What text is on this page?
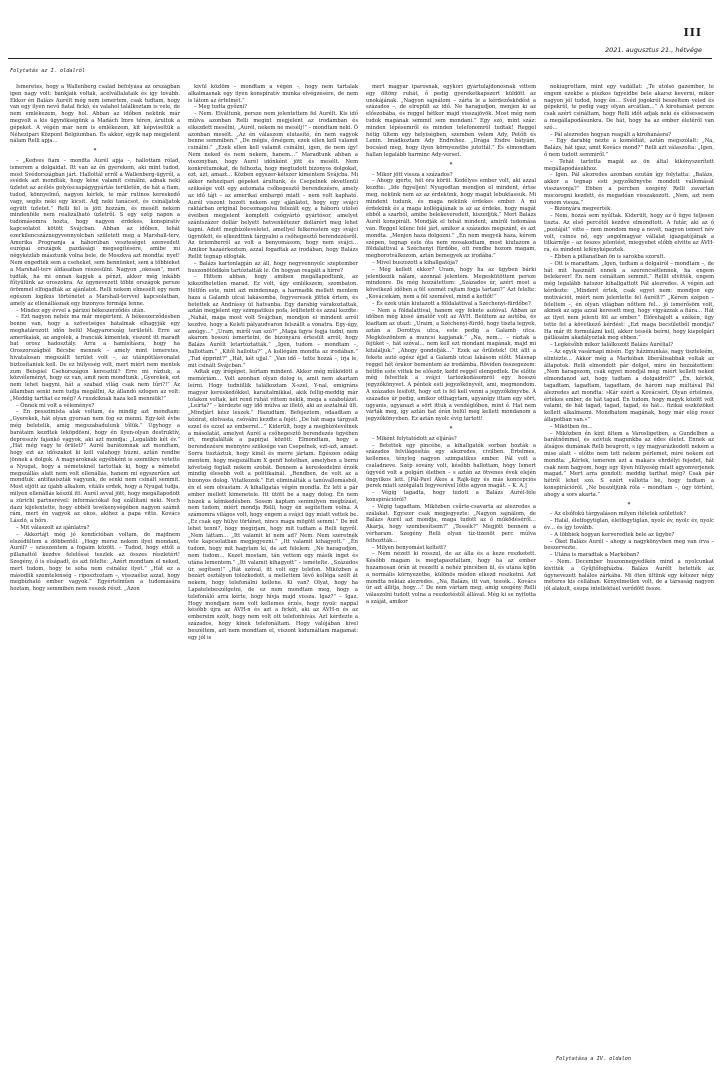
III
2021. augusztus 21., hétvége
Folytatás az I. oldalról

Ismeretes, hogy a Wallenberg család befolyása az országban igen nagy volt: bankjaik voltak, acélvállalataik és így tovább. Ekkor én Balázs Aurélt még nem ismertem, csak tudtam, hogy van egy ilyen nevű fiatal fickó, és valahol találkoztam is vele, de nem emlékezem, hogy hol. Abban az időben nekünk már megvolt a kis ügynökségünk a Madách Imre téren, árultuk a gépeket. A végén már nem is emlékezem, kit képviseltük a Néhezipari Központ Belgiumban. És akkor, egyik nap megjelent nálam Relli apja…

*

– „Kedves fiam – mondta Aurél apja –, hallottam rólad, ismerem a dolgaidat. Itt van az én gyerekem, aki mint tudod, most Svédországban járt. Hallottál erről a Wallenberg-ügyről, a svédek azt mondták, hogy kéne valamit csinálni, adnak neki üzletet az acélés golyóscsapágygyártás területén, de hát a fiam, tudod, könnyelmű, nagyon kérlek, te már rutinos kereskedő vagy, segíts neki egy kicsit. Adj neki tanácsot, és csináljatok együtt üzletet.” Relli fel is jött hozzám, és mesélt nekem mindenféle nem realizálható üzletről. S egy szép napon a tudomásomra hozta, hogy nagyon érdekes, konspiratív kapcsolatot kötött Svájcban. Abban az időben, tehát ezerkilencszáznegyvennyolcban született meg a Marshall-terv, Amerika Programja a háborúban veszteséget szenvedett európai országok gazdasági megsegítésére, amibe mi négykézláb másztunk volna bele, de Moszkva azt mondta: nyet! Nem engedték sem a cseheket, sem bennünket, sem a többieket a Marshall-terv áldásaiban részesülni. Nagyon „okosan”, mert tudták, ha mi onnan kapjuk a pénzt, akkor még inkább fűtyülünk az oroszokra. Az úgynevezett többi országok persze örömmel elfogadták az ajánlatot. Relli nekem elmesélt egy nem egészen logikus történetet a Marshall-tervvel kapcsolatban, amely az ellenállásnak egy bizonyos formája lenne.

– Mindez egy évvel a párizsi békeszerződés után.

– Ezt nagyon nehéz ma már megérteni. A békeszerződésben benne van, hogy a szövetséges hatalmak elhagyják egy meghatározott időn belül Magyarország területét. Erre az amerikaiak, az angolok, a franciák kimentek, viszont itt maradt hat orosz hadosztály. Arra a hamisításra, hogy ha Oroszországból Bécsbe mennek – amely mint ismeretes, hivatalosan megszállt terület volt –, az utánpótlásvonalat biztosítaniuk kell. De ez hülyeség volt, mert miért nem mentek zum Beispiel Csehországon keresztül? Erre mi ráztuk, a közvéleményt, hogy ez van, amit nem mondtunk. „Gyerekek, ezt nem lehet hagyni, hát a szabad világ csak nem tűri?!” Az államban senki nem tudja megállni, Az állandó szlogen az volt: „Meddig tarthat ez még? A ruszkiknak haza kell menniük!”

– Önnek mi volt a véleménye?

– Én pesszimista alak voltam, és mindig azt mondtam: „Gyerekek, hát olyan gyorsan nem fog ez menni. Egy-két évbe még beletelik, amíg megszabadulunk tőlük.” Úgyhogy a barátaim kezdtek leköpdösni, hogy én ilyen-olyan destruktív, depresszív fajankó vagyok, aki azt mondja: „Legalább két év.” „Hát még vagy te őrület?” Aurél barátomnak azt mondtam, hogy ezt az időszakot ki kell valahogy húzni, aztán rendbe jönnek a dolgok. A magyaroknak egyébként is szemükre vetette a Nyugat, hogy a németeknél tartottak ki, hogy a németet megszállás alatt nem volt ellenállás, hanem mi egyszerűen azt mondtuk: antifasiszták vagyunk, de senki nem csinált semmit. Most eljött az újabb alkalom, vitális erdek, hogy a Nyugat tudja, milyen ellenállás készül itt. Aurél avval jött, hogy megállapodott a zürichi partnerével: információkat fog szállítani neki. Noch dazu kijelentette, hogy ebbéli tevékenységében nagyon számít rám, mert én vagyok az okos, akihez a papa vitte. Kovács László, a bőrs.

– Mit válaszolt az ajánlatra?

– Akkortájt még jó kondícióban voltam, de majdnem elszédültem a döbbentől. „Hogy mersz nekem ilyet mondani, Aurél? – szisszentem a fogaim között. – Tudod, hogy ettől a pillanattól kezdve felelőssé teszlek az összes részletért! Szegény, ő is elsápadt, és azt felelte: „Azért mondtam el neked, mert tudom, hogy te soha nem csinálsz ilyet.” „Hát ez a másodlik szemtelenség – riposztoztam –, visszaélsz azzal, hogy megbízható ember vagyok.” Egyértelműen a tudomására hoztam, hogy semmiben nem veszek részt. „Azon

kívül közlöm – mondtam a végén –, hogy nem tartalak alkalmasnak egy ilyen konspiratív munka elvégzésére, de nem is látom az értelmét.”

– Meg tudta győzni?

– Nem. Elváltunk, persze nem jelentettem fel Aurélt. Kis idő múlva azonban Relli megint megjelent az irodámban és elkezdett mesélni, „Aurél, nekem ne mesélj!” – mondtam neki. Ő azonban mesélt. „Az én válaszom elutasító, én nem vagyok benne semmiben.” „De mégis, őrségem, ezek ellen kell valamit csinálni.” „Ezek ellen kell valamit csinálni, igen, de nem így! Nem neked és nem nekem, hanem…” Maradtunk abban a viszonyban, hogy Aurél időnként jött és mesélt. Nem konkrétumokat, de felhozta, hogy megtudott bizonyos dolgokat, ezt, azt, amazt… Közben egyszer-kétszer kimentem Svájcba. Mi akkor nehézipari gépeket árultunk, és Csepelnek okvetlenül szüksége volt egy automata csőhegesztő berendezésre, amely az idő tájt – az amerikai embargó miatt – nem volt kapható. Aurél viszont hozott nekem egy ajánlatot, hogy egy svájci raktárban originál becsomagolva felszált egy, a háború utolsó éveiben megjelent komplett csőgyártó gyártósor, amelyet szántszázer dollár helyett hetvenkétezer dollárért meg lehet kapni. Adott megbízóleveletet, amellyel felkerestem egy svájci ügynököt, és elkezdtünk tárgyalni a csőhegesztő berendezésről. Az üriemberről az volt a benyomásom, hogy nem svájci… Amikor hazaérkeztem, azzal fogadtak az irodában, hogy Balázs Rellit tegnap elfogták.

– Balázs kartonlapján az áll, hogy negyvennyolc szeptember huszonötödikén tartóztatták le. Ön hogyan reagált a hírre?

– Hittem abban, hogy amiben megállapodtunk, az kikezdhetetlen marad. Ez volt, úgy emlékszem, szombaton. Hétfőn este, mint azt mindennap, a harmadik mellett mentem haza a Galamb utcai lakásomba, fegyveresek jöttek értem, és betettek az Andrássy út hatvanba. Egy darabig várakoztattak, aztán megjelent egy szimpatikus pofa, leültetett és azzal kezdte: „Nahát, maga most volt Svájcban, mondjon el mindent arról kezdve, hogy a Keleti pályaudvaron felszállt a vonatra. Egy-úgy, amúgy…” „Uram, miről van szó?” „Maga ügyis fogja tudni, nem akarom hosszú ismertetni, de bizonyára értesült arról, hogy Balázs Aurélt letartóztatták.” „Igen, tudom – mondtam –, hallottam.” „Kitől hallotta?” „A kollégám mondta az irodában.” „Tud épprint?” „Hát, két ujjal.” „Van idő – tette hozzá –, írja le, mit csinált Svájcban.”

Adtak egy írógépet, leírtam mindent. Akkor még működött a memóriám… Volt azonban olyan dolog is, amit nem akartam leírni. Hogy tudniillik találkoztam X-szel, Y-nal, emigráns magyar kereskedőkkel, karaitalmikkal, akik fellig-meddig már tolakon voltak, két rend ruhát vittem nekik, mega a szabotázst. „Leírta?” – kérdezte egy idő múlva az illető, aki az asztalnál ült. „Mindjárt kész leszek.” Hazudtam. Befejeztem, odaadtam a kézirat, elolvasta, csóválni kezdte a fejét: „De hát maga tárgyalt ezzel és ezzel az emberrel…” Kiderült, hogy a megbízólevélnek a másolatát, amelyet Aurél a csőhegesztő berendezés ügyében írt, megtalálták a papírjai között. Elmondtam, hogy a berendezésre mennyire szüksége van Csepelnek, ezt-azt, amazt. Sorra tisztáztuk, hogy kinél és merre jártam. Egészen odáig mentem, hogy megszálltam X genfi hotelban, amelyben a berni követség foglalt nekem szobát. Bennem a kereskedelmi érzék mindig élesebb volt a politikainál. „Rendben, de volt az a bizonyos dolog. Vitatkozok.” Ezt eliminálták a tanúvallomásból, én el sem olvastam. A kihallgatás végén mondta. Ez lett a pár ember mellett kimenetele. Itt ütött be a nagy dolog. Én nem hiszek a kémkedésben. Sosem kaptam semmilyen megbízást, nem tudom, miért mondja Relli, hogy én segítettem volna. A számomra világos volt, hogy engem a svájci ügy miatt vettek be. „Ez csak egy hülye történet, nincs maga mögött semmi.” De mit lehet tenni?, hogy megírjam, hogy mit tudtam a Relli ügyről. „Nem láttam… „Itt valamit ki nem ad? Nem. Nem szeretnék vele kapcsolatban megjegyezni.” „Itt valamit kihagyott.” „Én tudom, hogy mit hagytam ki, de azt felelem: „Ne haragudjon, nem tudom… Kezet mostam, tán vettem egy másik inget és utána lementem.” „Itt valamit kihagyott” – ismételte. „Százados úr, segítsen!” „Hát szóval, itt volt egy telefon. Miközben a bezárt osztályon tolózkodott, a mellettem lévő kolléga szólt át nekem, hogy telefonálni kellene. Ki van? Olyat, hogy ha Lapatelebeszélgetni, de ez nem mondtam meg, hogy a telefonáló arra kérte, hogy hívja majd vissza. Igaz?” – Igaz. Hogy mondjam nem volt kellemes érzés, hogy nyolc nappal később újra az ÁVH-n és azt a fickót, aki az ÁVH-n és az embereim szólt, hogy nem volt ott telefonhívás. Azt kérdezte a százados, hogy kinek telefonáltam. Hogy valójában kivel beszéltem, azt nem mondtam el, viszont kidumáltam magamat: egy jól is

mert magyar iparosnak, egykori gyártulajdonosnak vittem egy öltöny ruhát, ő pedig gyereketkapszert küldött az unokájának. „Nagyon sajnálom – zárta le a kérdezősködést a százados –, de elrepült az idő. Ne haragudjon, menjen ki az előszobába, és reggel hétkor majd visszajövök. Most még nem tudok magának semmit sem mondani.” Egy szó, mint száz: minden lépésemről és minden telefonomról tudtak! Reggel hétig ültem egy helyiségben, szemben velem Ady, Petőfi és Lenin. Imádkoztam Ady Endrehez. „Drága Endre bátyám, bocsásd meg, hogy ilyen környezetbe jutottál.” És elmondtam hallan legalább harminc Ady-verset.

*

– Mikor jött vissza a százados?

– Ahogy ígérte, hét óra körül. Kedélyes ember volt, aki azzal kezdte: „Ide figyeljen! Nyugodtan mondjon el mindent, értse meg, nekünk nem az az érdekünk, hogy magát lebuktassuk. Mi mindent tudunk, és maga nekünk érdekes ember. A mi érdekünk és a maga kollégájának is az az érdeke, hogy magát ebből a szarból, amibe belekeveredett, kiszedjük.” Mert Balázs Aurél konspirált. Mondják el tehát mindent, amiről tudomása van. Reggel kilenc felé járt, amikor a százados megszánt, és azt mondta. „Menjen haza dolgozni.” „Én nem megyek haza, kérem szépen, tegnap este óta nem mosakodtam, most kiutazom a földalattival a Széchenyi fürdőbe, ott rendbe hozom magam, megborotválkozom, aztán bemegyek az irodába.”

– Mivel buszozott a kihallgatója?

– Még kellett ekkor? Uram, hogy ha az ügyben bárki jelentkezik nálam, azonnal jelentem. Megeskütöttem persze mindenre. De még hozzátettem: „Százados úr, azért most a következő időben a fél szemét rajtam fogja tartani?” Azt felelte: „Kovácsikám, nem a fél szemével, mind a kettőt!”

– És ezek után kiutazott a földalattival a Széchenyi-fürdőbe?

– Nem a földalattival, hanem egy fekete autóval. Abban az időben még kissé ámatőr volt az ÁVH. Beültem az autóba, és kiadtam az utazt: „Uraim, a Széchenyi-fürdő, hogy tiszta legyek, aztán a Dorottya utca, este pedig a Galamb utca. Megköszöntem a muncsi kapjanak.” „Na, nem… – ráztak a fejüket –, hát szóval… nem kell ezt mondani magának, majd mi kitaláljuk.” „Ahogy gondolják…” Ezek az őrületek! Ott állt a fekete autó egész éjjel a Galamb utcai lakásom előtt. Másnap reggel hét órakor bementem az irodámba. Röviden összegezem: hétfőn este vittek be először, kedd reggel elengedtek. De előtte még felvettek a svájci tartózkodásomról egy hosszú jegyzőkönyvet. A péntek esti jegyzőkönyvét, ami, megmondom. A százados lesifott, hogy ezt is fel kell venni a jegyzőkönyvbe. A százados úr pedig, amikor otthagytam, ugyanígy ittam egy sört, ugyanis, ugyanazt a sört ittuk a vendéglőben, mint ő. Hat nem várták meg, így aztán hat órán belül meg kellett mondanom a jegyzőkönyvben. Ez aztán nyolc évig tartott!

*

– Miként folytatódott az eljárás?

– Betettek egy pincébe, a kihallgatók sorban hozták a százados felvilágosítás egy alezredes, civilben. Értelmes, kellemes, tényleg nagyon szimpatikus ember. Pál volt a csaladneve. Szép sovány volt, később hallottam, hogy Ismert úgyvéd volt a polgári életben – s aztán az ötvenes évek elején öngyilkos lett. [Pál-Pavl Ákos a Rajk-ügy és más koncepciós perek miatt szolgálati fegyverével lőtte agyon magát. – K. A.]

– Végig tagadta, hogy tudott a Balázs Aurél-féle konspirációról?

– Végig tagadtam. Miközben csűrte-csavarta az alezredes a szálakat. Egyszer csak megjegyezte: „Nagyon sajnálom, de Balázs Aurél azt mondja, maga tudott az ő működéséről… Akarja, hogy szembesítsem?” „Tessék?” Megjött bennem a vérharam. Szegény Relli olyan tíz-tizenöt perc múlva felhoztták…

– Milyen benyomást keltett?

– Nem nézett ki rosszul, de az álla és a keze reszketett. Később magam is megtapasztaltam, hogy ha az ember huzamosan órán át reszeltí a nehéz pincében ül, és utána kijön a normális környezetbe, különös módon elkezd reszketni. Azt mondta nekiaz alezredes. „Na, Balázs, itt van, tessék… Kovács úr azt állítja, hogy…” De nem vártam meg, amíg szegény Relli válaszolni tudott volna a reszketéstől állával. Még ki se nyitotta a száját, amikor

nekiugrottam, mint egy vadállat: „Te utolsó gazember, te engem ezekbe a piszkos ügyeidbe bele akarsz keverni, mikor nagyon jól tudod, hogy én… Svéd jogokról beszéltem veled és gépekről, te pedig vagy olyan arcátlan…” A kirohanást persze csak azért csináltam, hogy Relli időt adjak neki és elősessesem a megállapodásunkra. De hát, hogy ha az ember életéről van szó…

– Pál alezredes hogyan reagált a kirohanásra?

– Egy darabig nézte a komédiát, aztán megszólalt: „Na, Balázs, hát igaz, amit Kovács mond?” Relli azt válaszolta: „Igen, ő nem tudott semmiről.”

– Tehát tartotta magát az ön által kikényszerített megállapodásukhoz.

– Igen. Pál alezredes azonban ezután így folytatta: „Balázs, akkor a tegnap esti jegyzőkönyvbe mondott vallomását visszavonja?” Ebben a percben szegény Relli zavartan mocorogni kezdett, és megadóan visszakozott. „Nem, azt nem vonom vissza.”

– Bizonyára megverték.

– Nem, hozzá sem nyúltak. Kiderült, hogy az ő ügye teljesen tiszta. Az első percétől kezdve elmondtott. A futár, aki az ő „postáját” vitte – nem mondom meg a nevét, nagyon ismert név volt, csinos nő, egy angolmagyar vállalat igazgatójának a titkárnője – az összes jelentést, miegyebet előbb elvitte az ÁVH-ra, és mindent lefényképeztek.

– Ebben a pillanatban ön is sarokba szorult.

– Ott is maradtam. „Igen, tudtam a dolgairól – mondtam –, de hát mit használt ennek a szerencsétlennek, ha engem belekever! Én nem csináltam semmit.” Rellit elvitték, engem még legalább hatszor kihallgattott Pál alezredes. A végén azt kérdezte: „Mindent értek, csak egyet nem: mondjon egy motivációt, miért nem jelentette fel Aurélt?” „Kérem szépen – feleltem –, én olyan világban nőttem fel… jó ismerősöm volt, akinek az apja azzal keresett meg, hogy vigyázzak a fiára… Hát az ilyet nem jelenti föl az ember.” Előrehajolt a székén, ügy tette fel a következő kérdést: „Ezt maga becsületből mondja? Ha már itt formulázni kell, akkor tessék beírni, hogy kispolgári gátlásaim akadályoztak meg ebben.”

– Legkésőbb mikor találkozott Balázs Aurélial?

– Az egyik vasárnapi misén. Egy házimunkás, nagy tiszteleém, elintézte… Akkor még a Markóban liberálisabbak voltak az állapotok. Relli elmondott pár dolgot, mire én hozzátettem: „Nem haragszom, csak egyet mondjál meg: miért kellett neked elmondanod azt, hogy tudtam a dolgaidról?” „Én, kérlek, tagadtam, tagadtam, tagadtam, de három nap múltával Pál alezredes azt mondta: »Kár ezért a Kovácsért. Olyan értelmes, értékes ember, de hát tagad. Én tudom, hogy magyk között volt valami, de hát tagad, tagad, tagad, és hát… fizikai eszközöket kellett alkalmazni. Mondhatom magának, hogy már elég rossz állapotban van.«”

– Mikötben ön…

– Miközben én kint ültem a Városligetben, a Gundelben a barátnőmmel, és szívtuk magunkba az édes életet. Ennek az álságos dumának Relli beugrott, s így magyarázkodott nekem a mise alatt – előtte nem tett nekem pérlemet, mire nekem ezt mondta: „Kérlek, ismerem azt a makacs ehrdélyi fejedet, hát csak nem hagyom, hogy egy ilyen hülyeség miatt agyonverjenek magad.” Mert arra gondolt: meddig tarthat még? Csak pár hétről lehet szó. S ezért vallotta be, hogy tudtam a konspirációról. „Ne beszéljünk róla – mondtam –, úgy történt, ahogy a sors akarta.”

*

– Az elsőfokú tárgyaláson milyen ítéletek születtek?

– Halál, életfogytiglan, életfogytiglan, nyolc év, nyolc év, nyolc év… és így tovább.

– A többiek hogyan kerveredtek bele az ügybe?

– Őket Balázs Aurél – ahogy a nagykönyvben meg van írva – beszervezte.

– Utána is maradtak a Markóban?

– Nem. December huszonnegyedikén mind a nyolcunkat kivitték a Gyűjtőfogházba. Balázs Aurélt betették az úgynevezett halálos zárkába. Mi öten ültünk egy kétszer négy méteres kis cellában. Kényelmetlen volt, de a társaság nagyon jól alakult, esupa intellektuel verődött össze.

Folytatása a IV. oldalon
